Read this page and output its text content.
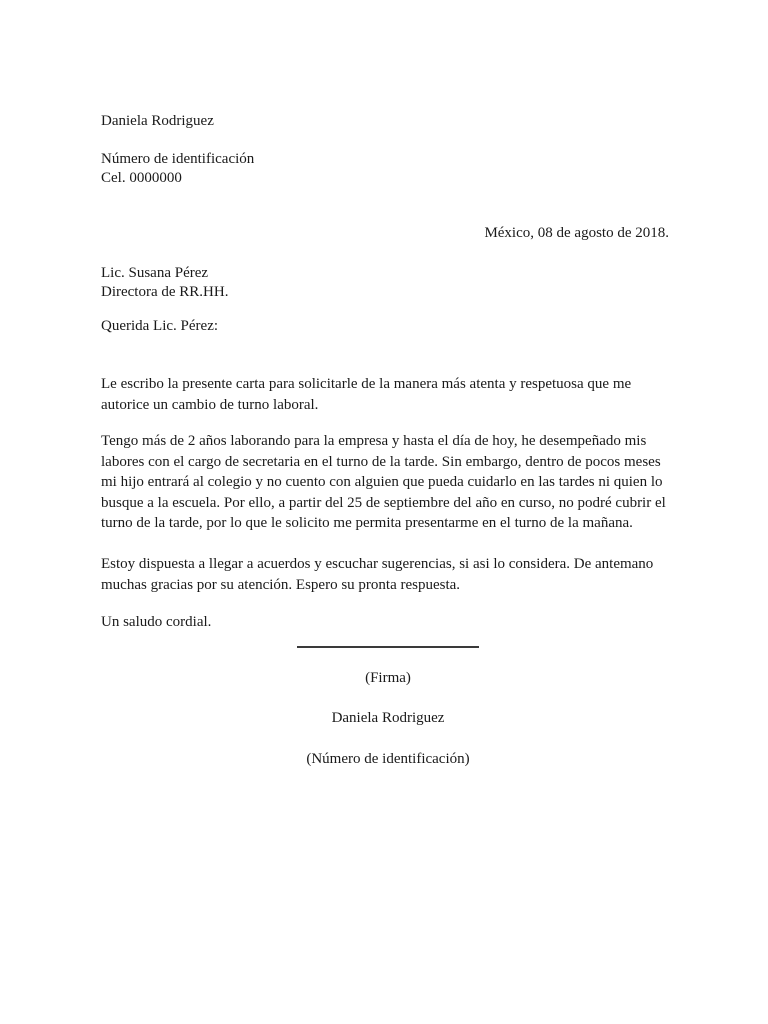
Daniela Rodriguez
Número de identificación
Cel. 0000000
México, 08 de agosto de 2018.
Lic. Susana Pérez
Directora de RR.HH.
Querida Lic. Pérez:

Le escribo la presente carta para solicitarle de la manera más atenta y respetuosa que me autorice un cambio de turno laboral.

Tengo más de 2 años laborando para la empresa y hasta el día de hoy, he desempeñado mis labores con el cargo de secretaria en el turno de la tarde. Sin embargo, dentro de pocos meses mi hijo entrará al colegio y no cuento con alguien que pueda cuidarlo en las tardes ni quien lo busque a la escuela. Por ello, a partir del 25 de septiembre del año en curso, no podré cubrir el turno de la tarde, por lo que le solicito me permita presentarme en el turno de la mañana.

Estoy dispuesta a llegar a acuerdos y escuchar sugerencias, si asi lo considera. De antemano muchas gracias por su atención. Espero su pronta respuesta.

Un saludo cordial.

(Firma)
Daniela Rodriguez
(Número de identificación)
